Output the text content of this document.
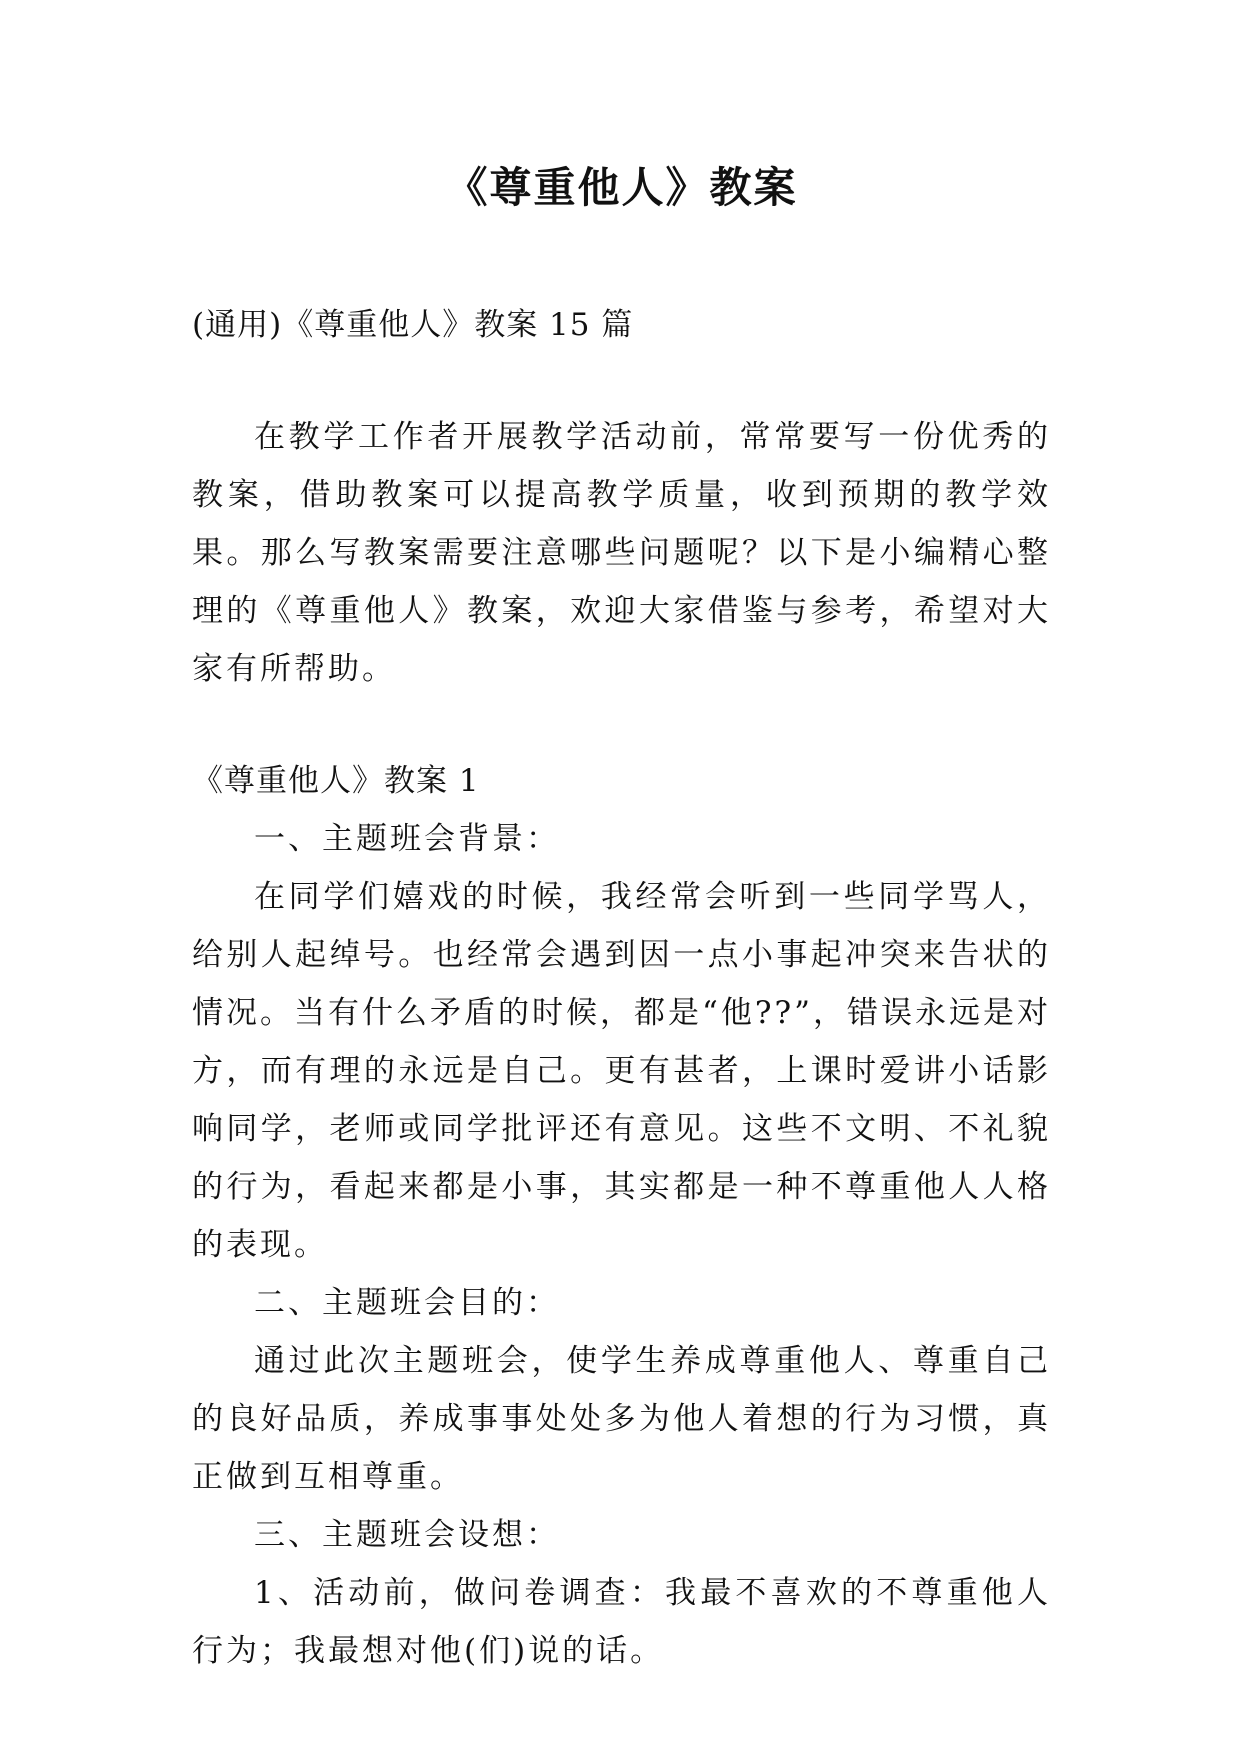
《尊重他人》教案
(通用)《尊重他人》教案 15 篇

在教学工作者开展教学活动前，常常要写一份优秀的教案，借助教案可以提高教学质量，收到预期的教学效果。那么写教案需要注意哪些问题呢？以下是小编精心整理的《尊重他人》教案，欢迎大家借鉴与参考，希望对大家有所帮助。

《尊重他人》教案 1

一、主题班会背景：

在同学们嬉戏的时候，我经常会听到一些同学骂人，给别人起绰号。也经常会遇到因一点小事起冲突来告状的情况。当有什么矛盾的时候，都是“他??”，错误永远是对方，而有理的永远是自己。更有甚者，上课时爱讲小话影响同学，老师或同学批评还有意见。这些不文明、不礼貌的行为，看起来都是小事，其实都是一种不尊重他人人格的表现。

二、主题班会目的：

通过此次主题班会，使学生养成尊重他人、尊重自己的良好品质，养成事事处处多为他人着想的行为习惯，真正做到互相尊重。

三、主题班会设想：

1、活动前，做问卷调查：我最不喜欢的不尊重他人行为；我最想对他(们)说的话。
